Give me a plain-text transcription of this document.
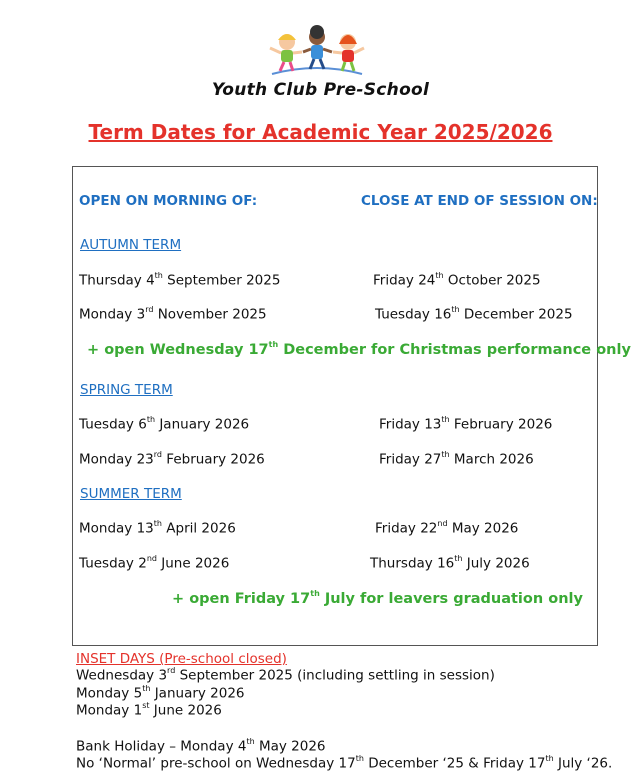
Youth Club Pre-School
Term Dates for Academic Year 2025/2026
OPEN ON MORNING OF:	CLOSE AT END OF SESSION ON:
AUTUMN TERM
Thursday 4th September 2025	Friday 24th October 2025
Monday 3rd November 2025	Tuesday 16th December 2025
+ open Wednesday 17th December for Christmas performance only
SPRING TERM
Tuesday 6th January 2026	Friday 13th February 2026
Monday 23rd February 2026	Friday 27th March 2026
SUMMER TERM
Monday 13th April 2026	Friday 22nd May 2026
Tuesday 2nd June 2026	Thursday 16th July 2026
+ open Friday 17th July for leavers graduation only
INSET DAYS (Pre-school closed)
Wednesday 3rd September 2025 (including settling in session)
Monday 5th January 2026
Monday 1st June 2026
Bank Holiday – Monday 4th May 2026
No ‘Normal’ pre-school on Wednesday 17th December ‘25 & Friday 17th July ‘26.
